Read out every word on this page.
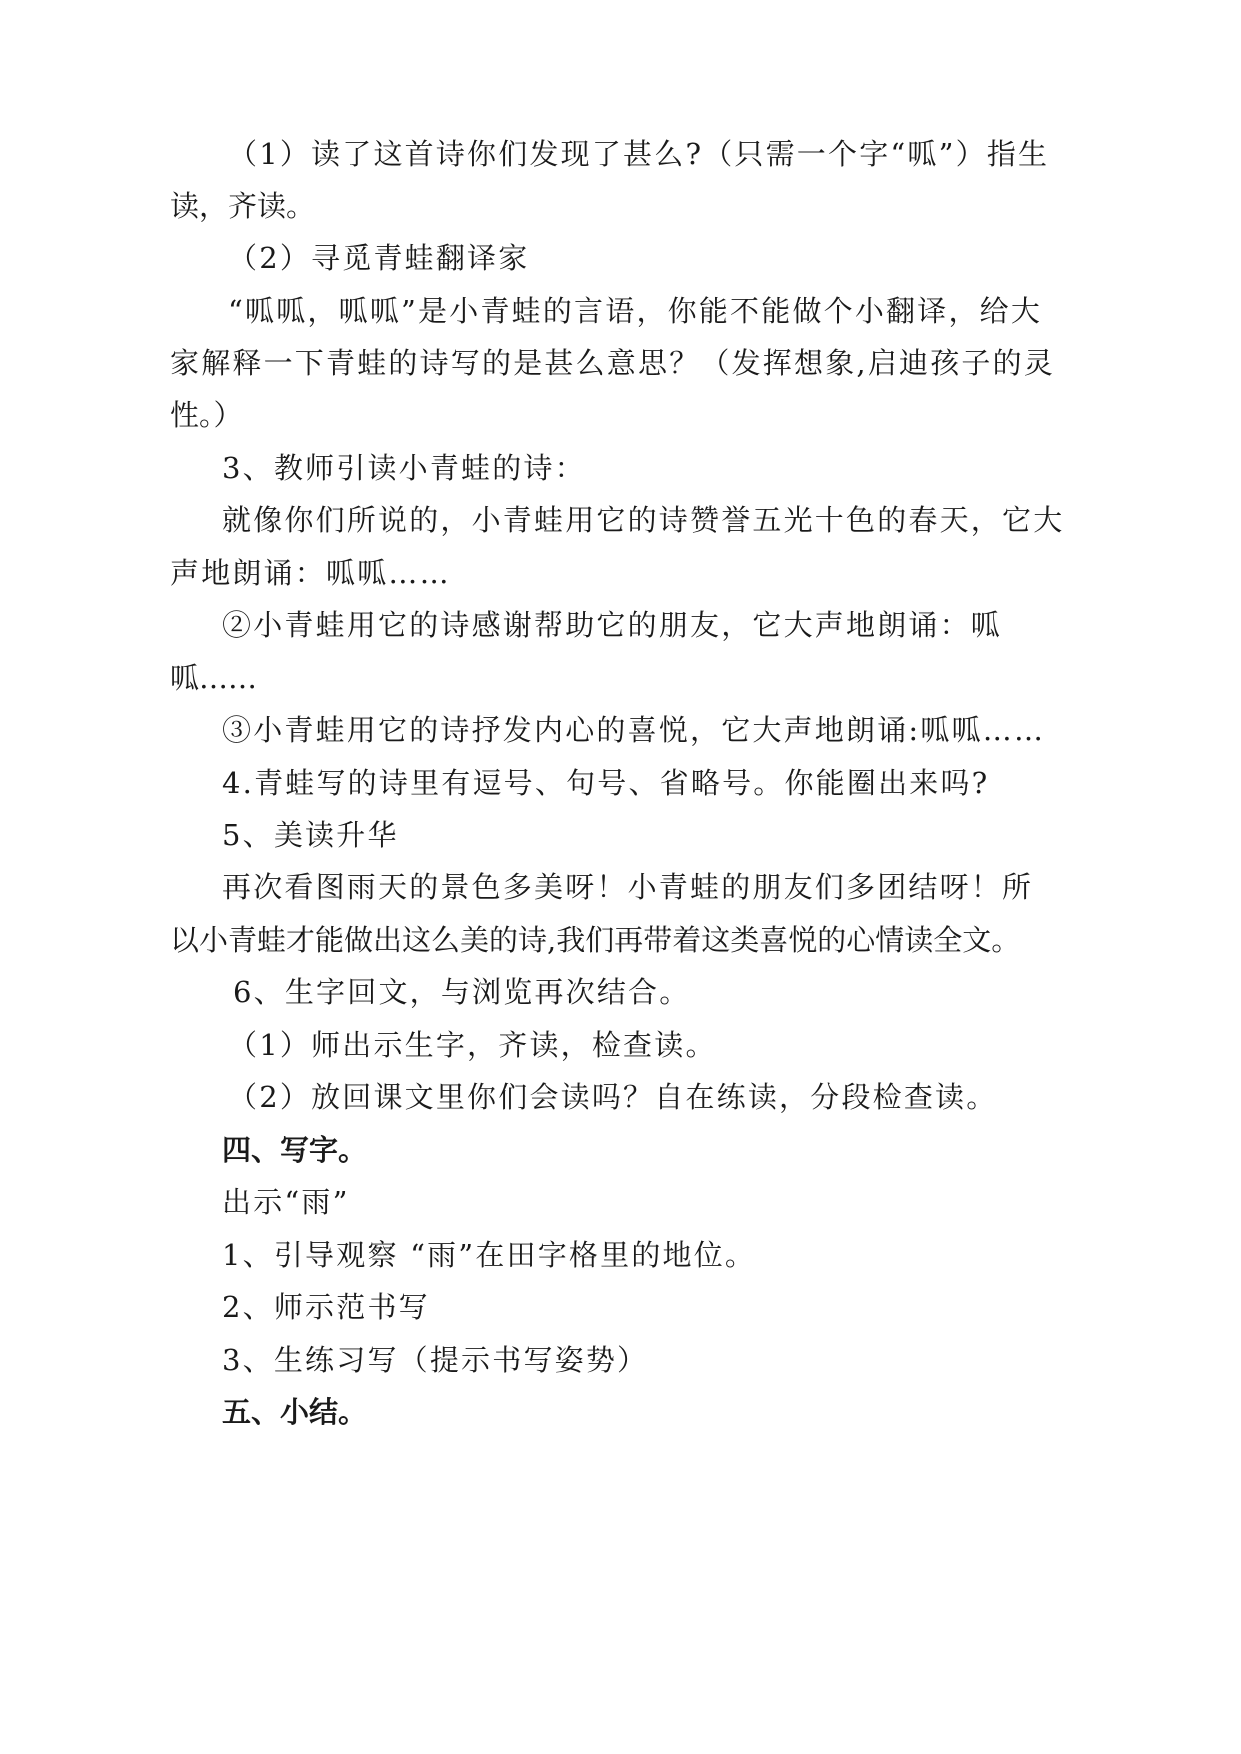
（1）读了这首诗你们发现了甚么?（只需一个字“呱”）指生
读，齐读。
（2）寻觅青蛙翻译家
“呱呱，呱呱”是小青蛙的言语，你能不能做个小翻译，给大
家解释一下青蛙的诗写的是甚么意思？（发挥想象,启迪孩子的灵
性。）
3、教师引读小青蛙的诗：
就像你们所说的，小青蛙用它的诗赞誉五光十色的春天，它大
声地朗诵：呱呱……
②小青蛙用它的诗感谢帮助它的朋友，它大声地朗诵：呱
呱……
③小青蛙用它的诗抒发内心的喜悦，它大声地朗诵:呱呱……
4.青蛙写的诗里有逗号、句号、省略号。你能圈出来吗?
5、美读升华
再次看图雨天的景色多美呀！小青蛙的朋友们多团结呀！所
以小青蛙才能做出这么美的诗,我们再带着这类喜悦的心情读全文。
6、生字回文，与浏览再次结合。
（1）师出示生字，齐读，检查读。
（2）放回课文里你们会读吗？自在练读，分段检查读。
四、写字。
出示“雨”
1、引导观察 “雨”在田字格里的地位。
2、师示范书写
3、生练习写（提示书写姿势）
五、小结。
